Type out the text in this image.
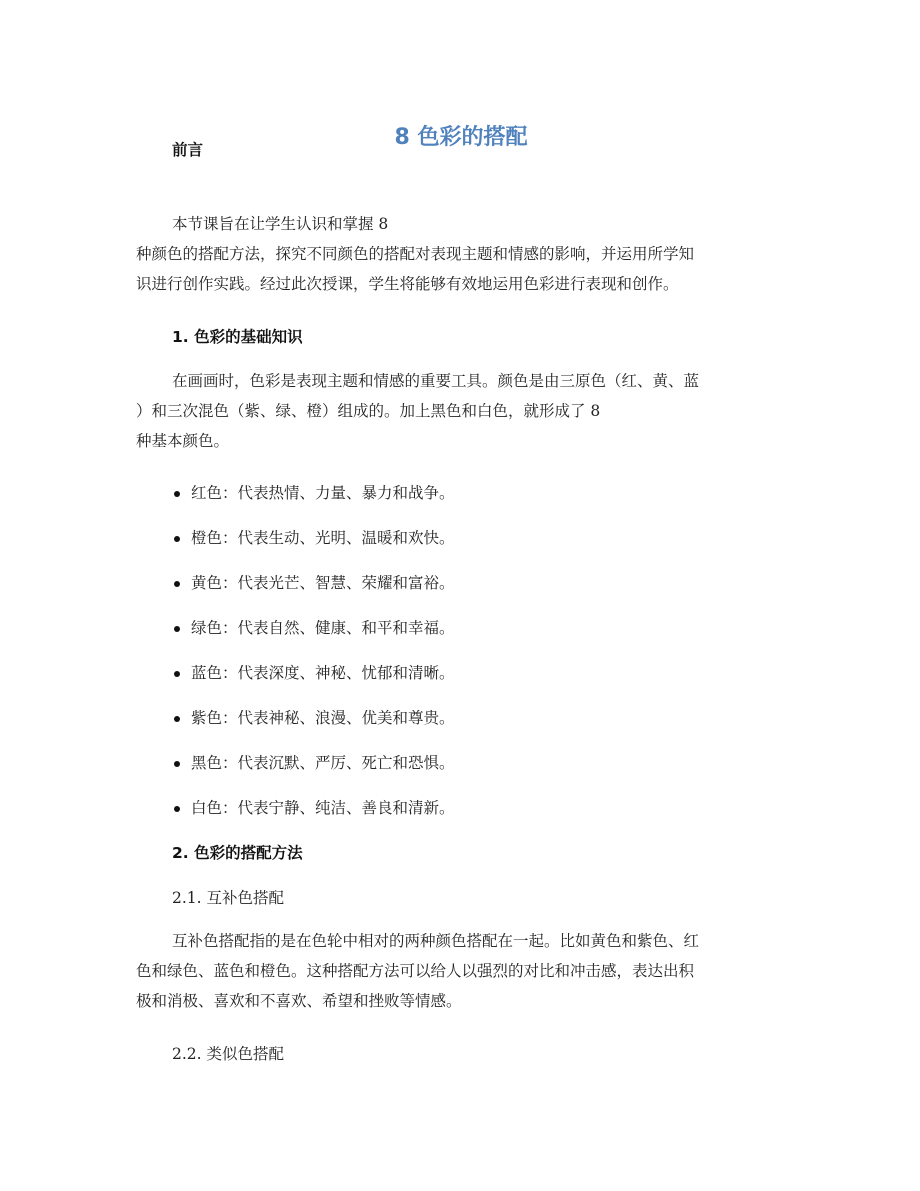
8 色彩的搭配
前言
本节课旨在让学生认识和掌握 8
种颜色的搭配方法，探究不同颜色的搭配对表现主题和情感的影响，并运用所学知
识进行创作实践。经过此次授课，学生将能够有效地运用色彩进行表现和创作。
1. 色彩的基础知识
在画画时，色彩是表现主题和情感的重要工具。颜色是由三原色（红、黄、蓝
）和三次混色（紫、绿、橙）组成的。加上黑色和白色，就形成了 8
种基本颜色。
红色：代表热情、力量、暴力和战争。
橙色：代表生动、光明、温暖和欢快。
黄色：代表光芒、智慧、荣耀和富裕。
绿色：代表自然、健康、和平和幸福。
蓝色：代表深度、神秘、忧郁和清晰。
紫色：代表神秘、浪漫、优美和尊贵。
黑色：代表沉默、严厉、死亡和恐惧。
白色：代表宁静、纯洁、善良和清新。
2. 色彩的搭配方法
2.1. 互补色搭配
互补色搭配指的是在色轮中相对的两种颜色搭配在一起。比如黄色和紫色、红
色和绿色、蓝色和橙色。这种搭配方法可以给人以强烈的对比和冲击感，表达出积
极和消极、喜欢和不喜欢、希望和挫败等情感。
2.2. 类似色搭配
